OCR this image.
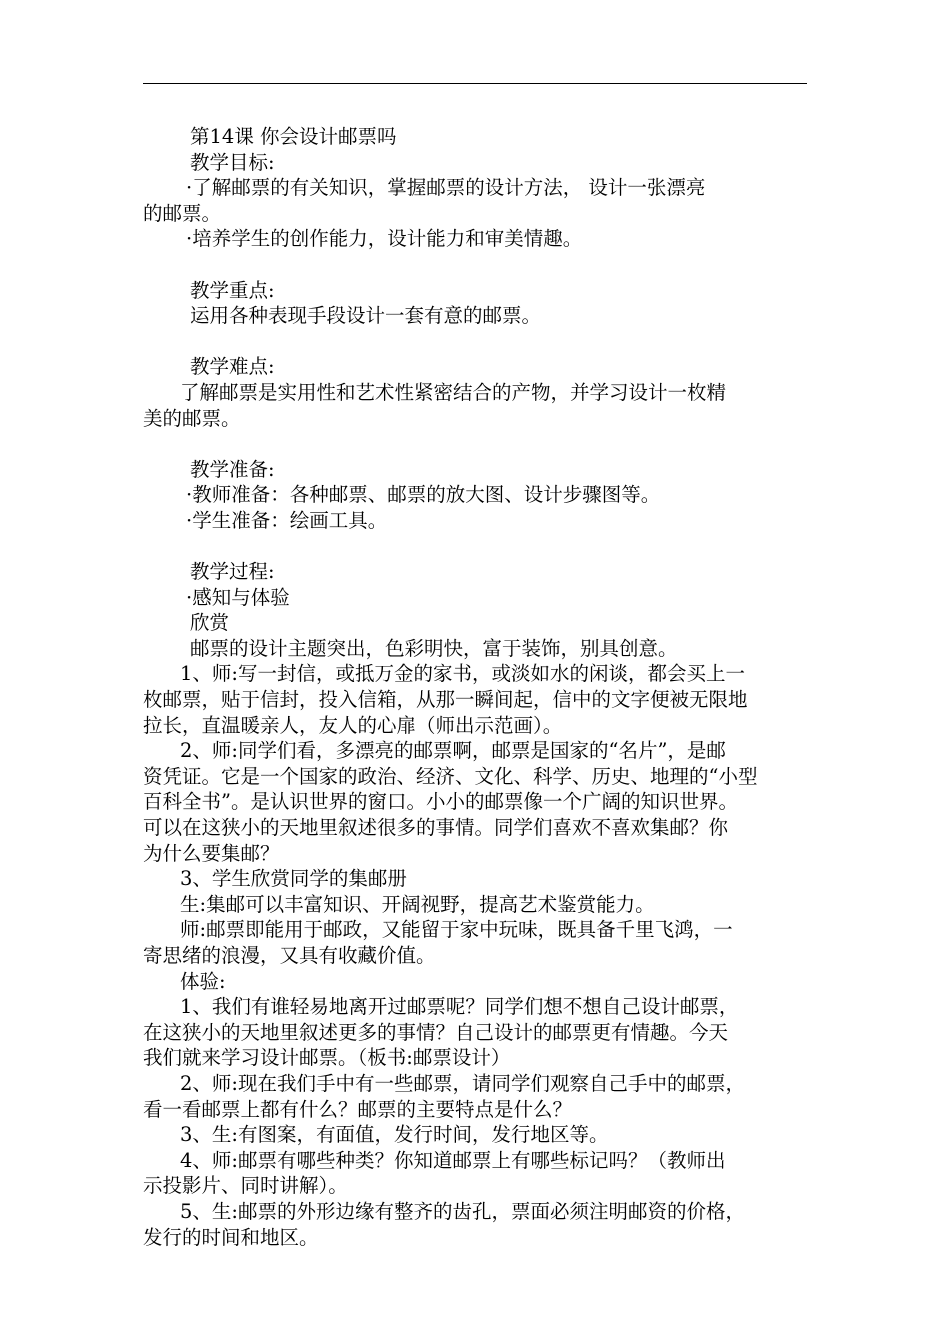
第14课 你会设计邮票吗
教学目标:
·了解邮票的有关知识，掌握邮票的设计方法， 设计一张漂亮
的邮票。
·培养学生的创作能力，设计能力和审美情趣。
教学重点:
运用各种表现手段设计一套有意的邮票。
教学难点:
了解邮票是实用性和艺术性紧密结合的产物，并学习设计一枚精
美的邮票。
教学准备:
·教师准备：各种邮票、邮票的放大图、设计步骤图等。
·学生准备：绘画工具。
教学过程:
·感知与体验
欣赏
邮票的设计主题突出，色彩明快，富于装饰，别具创意。
1、师:写一封信，或抵万金的家书，或淡如水的闲谈，都会买上一
枚邮票，贴于信封，投入信箱，从那一瞬间起，信中的文字便被无限地
拉长，直温暖亲人，友人的心扉（师出示范画）。
2、师:同学们看，多漂亮的邮票啊，邮票是国家的“名片”，是邮
资凭证。它是一个国家的政治、经济、文化、科学、历史、地理的“小型
百科全书”。是认识世界的窗口。小小的邮票像一个广阔的知识世界。
可以在这狭小的天地里叙述很多的事情。同学们喜欢不喜欢集邮？你
为什么要集邮？
3、学生欣赏同学的集邮册
生:集邮可以丰富知识、开阔视野，提高艺术鉴赏能力。
师:邮票即能用于邮政，又能留于家中玩味，既具备千里飞鸿，一
寄思绪的浪漫，又具有收藏价值。
体验:
1、我们有谁轻易地离开过邮票呢？同学们想不想自己设计邮票，
在这狭小的天地里叙述更多的事情？自己设计的邮票更有情趣。今天
我们就来学习设计邮票。（板书:邮票设计）
2、师:现在我们手中有一些邮票，请同学们观察自己手中的邮票，
看一看邮票上都有什么？邮票的主要特点是什么？
3、生:有图案，有面值，发行时间，发行地区等。
4、师:邮票有哪些种类？你知道邮票上有哪些标记吗？（教师出
示投影片、同时讲解）。
5、生:邮票的外形边缘有整齐的齿孔，票面必须注明邮资的价格，
发行的时间和地区。
